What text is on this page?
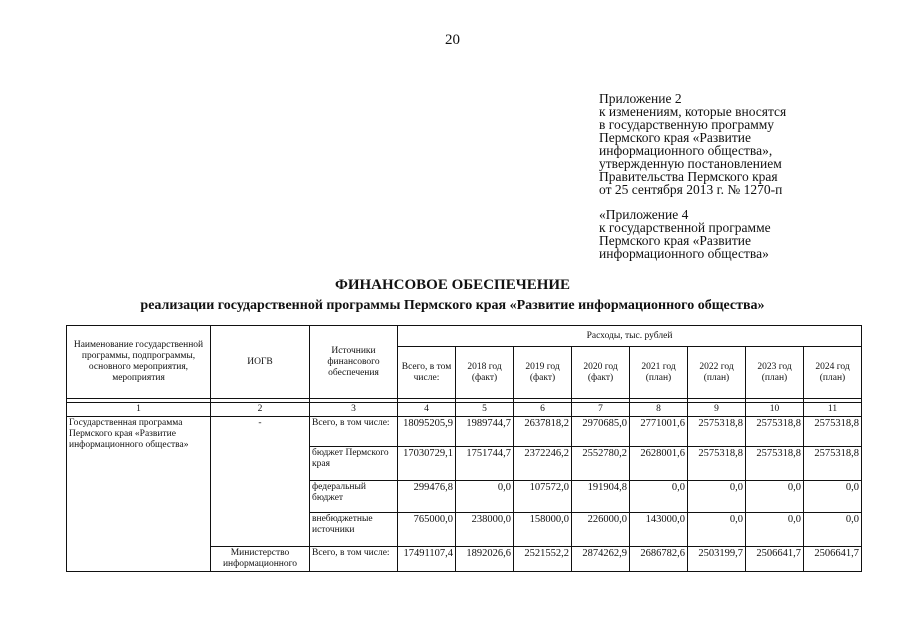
20
Приложение 2
к изменениям, которые вносятся
в государственную программу
Пермского края «Развитие
информационного общества»,
утвержденную постановлением
Правительства Пермского края
от 25 сентября 2013 г. № 1270-п
«Приложение 4
к государственной программе
Пермского края «Развитие
информационного общества»
ФИНАНСОВОЕ ОБЕСПЕЧЕНИЕ
реализации государственной программы Пермского края «Развитие информационного общества»
Наименование государственной программы, подпрограммы, основного мероприятия, мероприятия	ИОГВ	Источники финансового обеспечения	Расходы, тыс. рублей							
			Всего, в том числе:	2018 год (факт)	2019 год (факт)	2020 год (факт)	2021 год (план)	2022 год (план)	2023 год (план)	2024 год (план)

1	2	3	4	5	6	7	8	9	10	11
Государственная программа Пермского края «Развитие информационного общества»	-	Всего, в том числе:	18095205,9	1989744,7	2637818,2	2970685,0	2771001,6	2575318,8	2575318,8	2575318,8
		бюджет Пермского края	17030729,1	1751744,7	2372246,2	2552780,2	2628001,6	2575318,8	2575318,8	2575318,8
		федеральный бюджет	299476,8	0,0	107572,0	191904,8	0,0	0,0	0,0	0,0
		внебюджетные источники	765000,0	238000,0	158000,0	226000,0	143000,0	0,0	0,0	0,0
	Министерство информационного	Всего, в том числе:	17491107,4	1892026,6	2521552,2	2874262,9	2686782,6	2503199,7	2506641,7	2506641,7
